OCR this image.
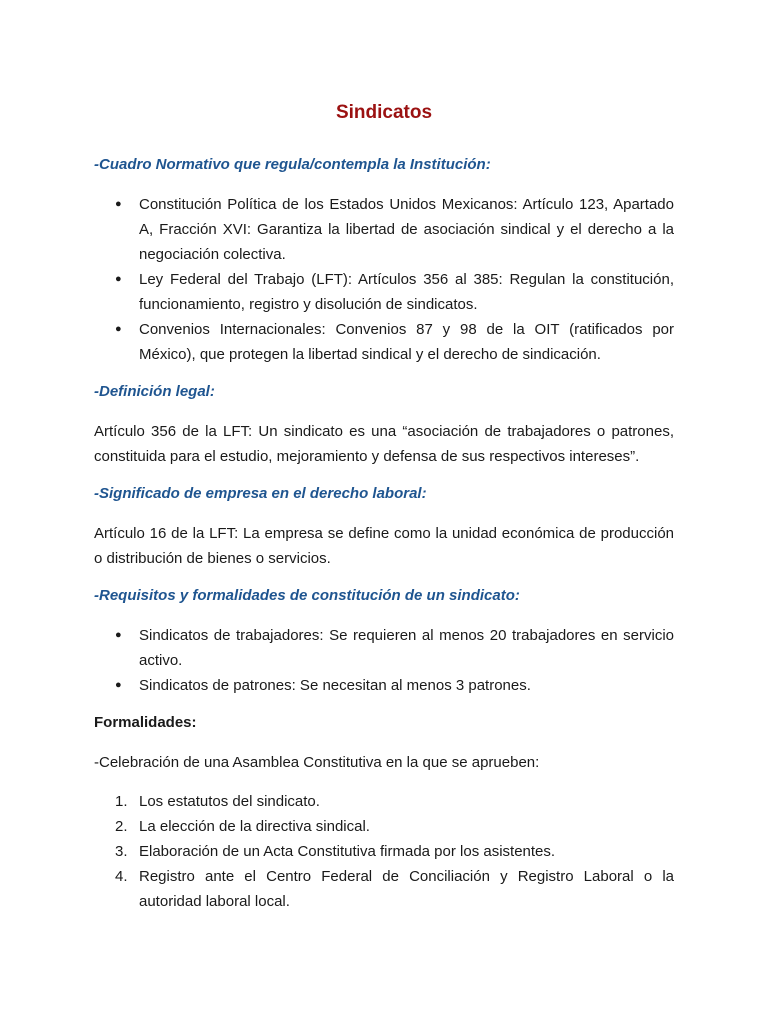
Sindicatos

-Cuadro Normativo que regula/contempla la Institución:

● Constitución Política de los Estados Unidos Mexicanos: Artículo 123, Apartado A, Fracción XVI: Garantiza la libertad de asociación sindical y el derecho a la negociación colectiva.
● Ley Federal del Trabajo (LFT): Artículos 356 al 385: Regulan la constitución, funcionamiento, registro y disolución de sindicatos.
● Convenios Internacionales: Convenios 87 y 98 de la OIT (ratificados por México), que protegen la libertad sindical y el derecho de sindicación.

-Definición legal:

Artículo 356 de la LFT: Un sindicato es una “asociación de trabajadores o patrones, constituida para el estudio, mejoramiento y defensa de sus respectivos intereses”.

-Significado de empresa en el derecho laboral:

Artículo 16 de la LFT: La empresa se define como la unidad económica de producción o distribución de bienes o servicios.

-Requisitos y formalidades de constitución de un sindicato:

● Sindicatos de trabajadores: Se requieren al menos 20 trabajadores en servicio activo.
● Sindicatos de patrones: Se necesitan al menos 3 patrones.

Formalidades:

-Celebración de una Asamblea Constitutiva en la que se aprueben:

1. Los estatutos del sindicato.
2. La elección de la directiva sindical.
3. Elaboración de un Acta Constitutiva firmada por los asistentes.
4. Registro ante el Centro Federal de Conciliación y Registro Laboral o la autoridad laboral local.
